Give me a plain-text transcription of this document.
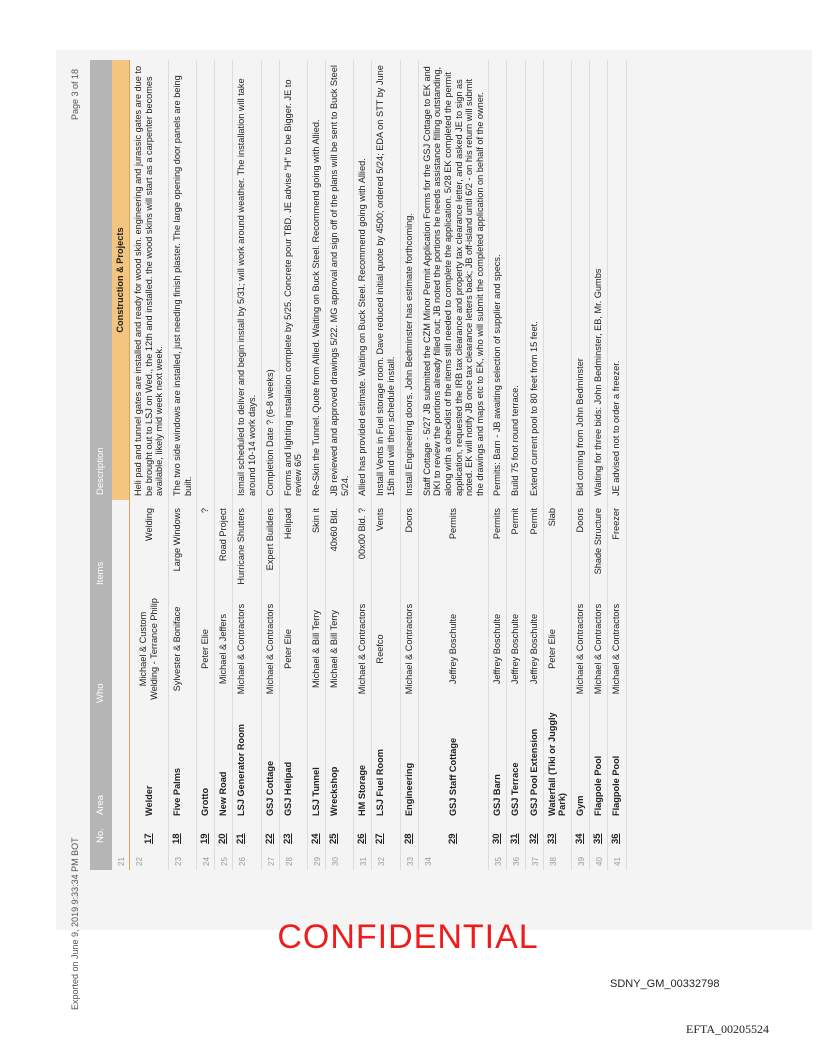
	No.	Area	Who	Items	Description
21					Construction & Projects
22	17	Welder	Michael & Custom Welding - Terrance Philip	Welding	Heli pad and tunnel gates are installed and ready for wood skin. engineering and jurassic gates are due to be brought out to LSJ on Wed., the 12th and installed. the wood skins will start as a carpenter becomes available, likely mid week next week.
23	18	Five Palms	Sylvester & Boniface	Large Windows	The two side windows are installed, just needing finish plaster. The large opening door panels are being built.
24	19	Grotto	Peter Elie	?	
25	20	New Road	Michael & Jeffers	Road Project	
26	21	LSJ Generator Room	Michael & Contractors	Hurricane Shutters	Ismail scheduled to deliver and begin install by 5/31; will work around weather. The installation will take around 10-14 work days.
27	22	GSJ Cottage	Michael & Contractors	Expert Builders	Completion Date ? (6-8 weeks)
28	23	GSJ Helipad	Peter Elie	Helipad	Forms and lighting installation complete by 5/25. Concrete pour TBD. JE advise "H" to be Bigger. JE to review 6/5
29	24	LSJ Tunnel	Michael & Bill Terry	Skin it	Re-Skin the Tunnel. Quote from Allied. Waiting on Buck Steel. Recommend going with Allied.
30	25	Wreckshop	Michael & Bill Terry	40x60 Bld.	JB reviewed and approved drawings 5/22. MG approval and sign off of the plans will be sent to Buck Steel 5/24.
31	26	HM Storage	Michael & Contractors	00x00 Bld. ?	Allied has provided estimate. Waiting on Buck Steel. Recommend going with Allied.
32	27	LSJ Fuel Room	Reefco	Vents	Install Vents in Fuel storage room. Dave reduced initial quote by 4500; ordered 5/24; EDA on STT by June 15th and will then schedule install.
33	28	Engineering	Michael & Contractors	Doors	Install Engineering doors. John Bedminster has estimate forthcoming.
34	29	GSJ Staff Cottage	Jeffrey Boschulte	Permits	Staff Cottage - 5/27 JB submitted the CZM Minor Permit Application Forms for the GSJ Cottage to EK and DKI to review the portions already filled out; JB noted the portions he needs assistance filling outstanding, along with a checklist of the items still needed to complete the application. 5/28 EK completed the permit application, requested the IRB tax clearance and property tax clearance letter, and asked JE to sign as noted. EK will notify JB once tax clearance letters back; JB off-island until 6/2 - on his return will submit the drawings and maps etc to EK, who will submit the completed application on behalf of the owner.
35	30	GSJ Barn	Jeffrey Boschulte	Permits	Permits: Barn - JB awaiting selection of supplier and specs.
36	31	GSJ Terrace	Jeffrey Boschulte	Permit	Build 75 foot round terrace.
37	32	GSJ Pool Extension	Jeffrey Boschulte	Permit	Extend current pool to 80 feet from 15 feet.
38	33	Waterfall (Tiki or Juggly Park)	Peter Elie	Slab	
39	34	Gym	Michael & Contractors	Doors	Bid coming from John Bedminster
40	35	Flagpole Pool	Michael & Contractors	Shade Structure	Waiting for three bids: John Bedminster, EB, Mr. Gumbs
41	36	Flagpole Pool	Michael & Contractors	Freezer	JE advised not to order a freezer.
Exported on June 9, 2019 9:33:34 PM BOT
Page 3 of 18
CONFIDENTIAL
SDNY_GM_00332798
EFTA_00205524
